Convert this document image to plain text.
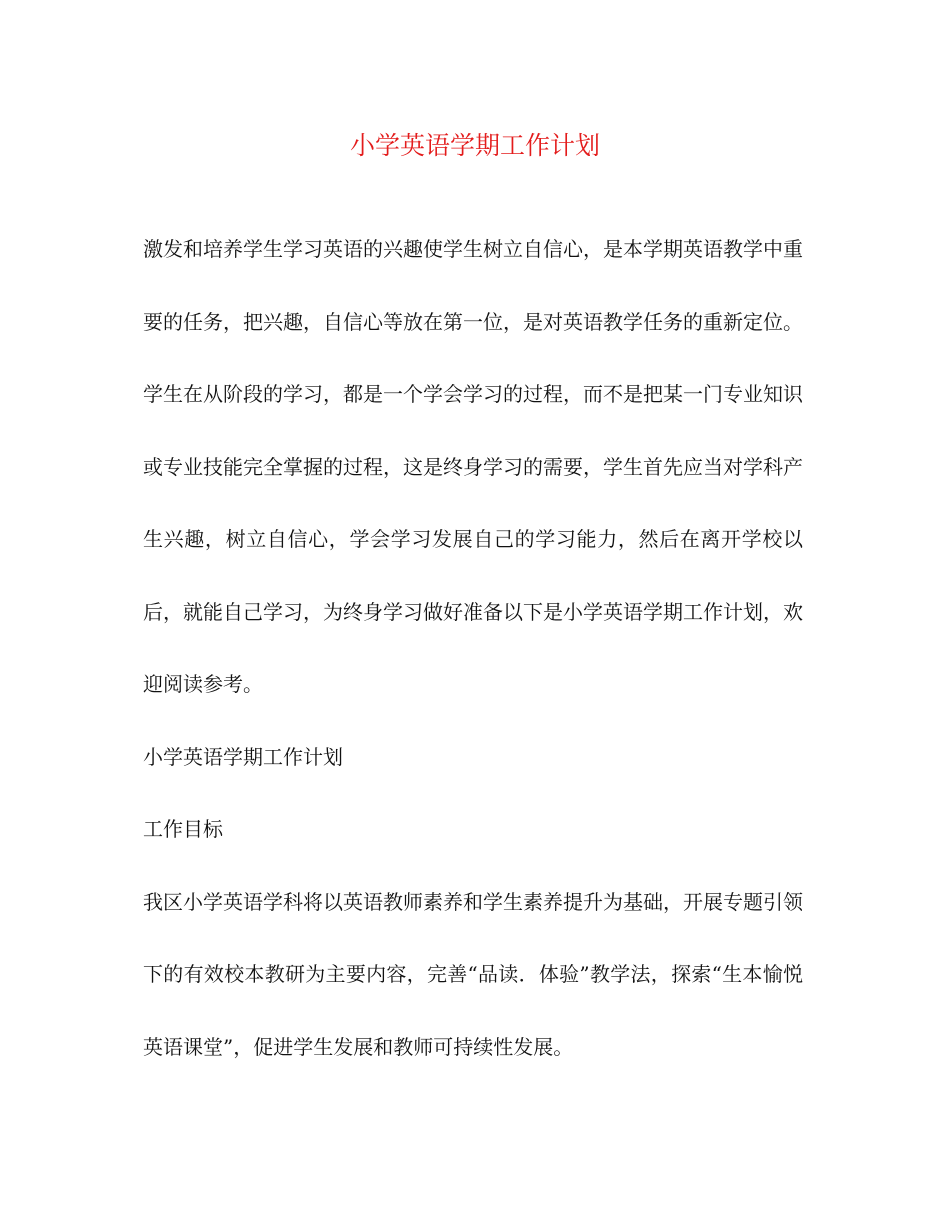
小学英语学期工作计划

激发和培养学生学习英语的兴趣使学生树立自信心，是本学期英语教学中重要的任务，把兴趣，自信心等放在第一位，是对英语教学任务的重新定位。学生在从阶段的学习，都是一个学会学习的过程，而不是把某一门专业知识或专业技能完全掌握的过程，这是终身学习的需要，学生首先应当对学科产生兴趣，树立自信心，学会学习发展自己的学习能力，然后在离开学校以后，就能自己学习，为终身学习做好准备以下是小学英语学期工作计划，欢迎阅读参考。

小学英语学期工作计划

工作目标

我区小学英语学科将以英语教师素养和学生素养提升为基础，开展专题引领下的有效校本教研为主要内容，完善“品读．体验”教学法，探索“生本愉悦英语课堂”，促进学生发展和教师可持续性发展。
